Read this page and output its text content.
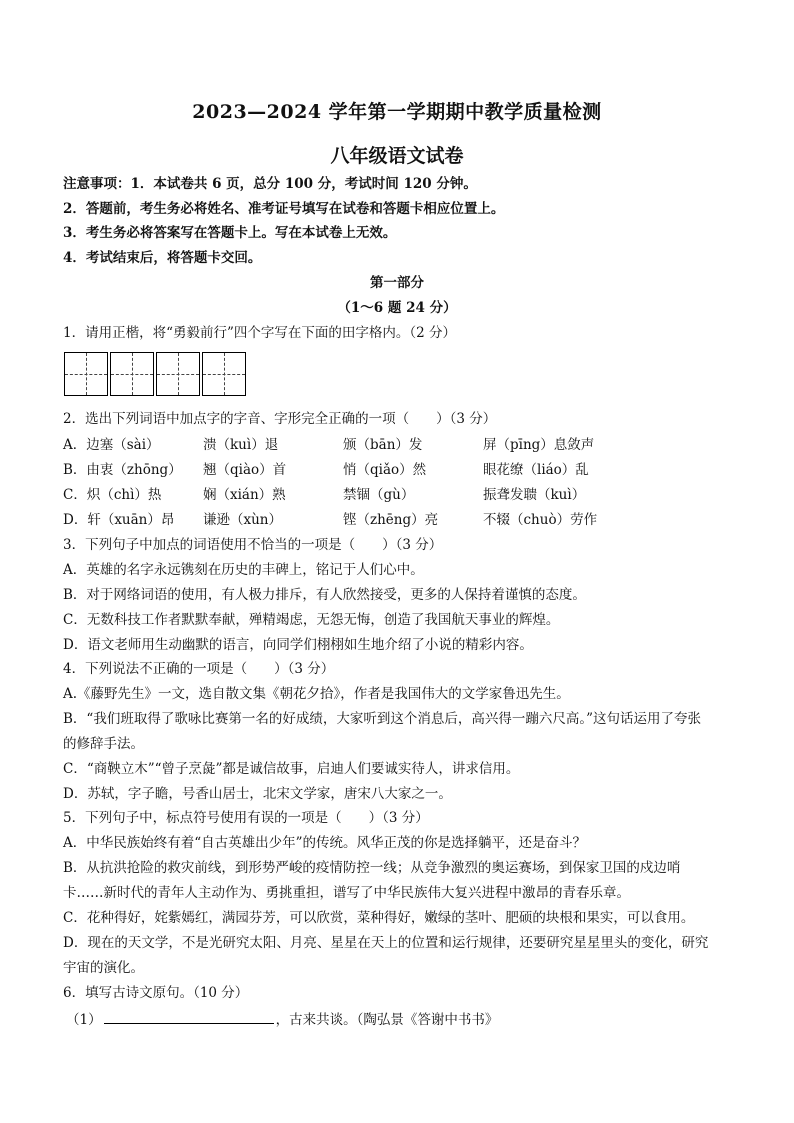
2023—2024 学年第一学期期中教学质量检测
八年级语文试卷
注意事项：1．本试卷共 6 页，总分 100 分，考试时间 120 分钟。
2．答题前，考生务必将姓名、准考证号填写在试卷和答题卡相应位置上。
3．考生务必将答案写在答题卡上。写在本试卷上无效。
4．考试结束后，将答题卡交回。
第一部分
（1～6 题 24 分）
1．请用正楷，将“勇毅前行”四个字写在下面的田字格内。（2 分）
2．选出下列词语中加点字的字音、字形完全正确的一项（　　）（3 分）
A．边塞（sài）	溃（kuì）退	颁（bān）发	屏（pīng）息敛声
B．由衷（zhōng） 翘（qiào）首	悄（qiǎo）然	眼花缭（liáo）乱
C．炽（chì）热	娴（xián）熟	禁锢（gù）	振聋发聩（kuì）
D．轩（xuān）昂 谦逊（xùn）	铿（zhēng）亮	不辍（chuò）劳作
3．下列句子中加点的词语使用不恰当的一项是（　　）（3 分）
A．英雄的名字永远镌刻在历史的丰碑上，铭记于人们心中。
B．对于网络词语的使用，有人极力排斥，有人欣然接受，更多的人保持着谨慎的态度。
C．无数科技工作者默默奉献，殚精竭虑，无怨无悔，创造了我国航天事业的辉煌。
D．语文老师用生动幽默的语言，向同学们栩栩如生地介绍了小说的精彩内容。
4．下列说法不正确的一项是（　　）（3 分）
A.《藤野先生》一文，选自散文集《朝花夕拾》，作者是我国伟大的文学家鲁迅先生。
B．“我们班取得了歌咏比赛第一名的好成绩，大家听到这个消息后，高兴得一蹦六尺高。”这句话运用了夸张
的修辞手法。
C．“商鞅立木”“曾子烹彘”都是诚信故事，启迪人们要诚实待人，讲求信用。
D．苏轼，字子瞻，号香山居士，北宋文学家，唐宋八大家之一。
5．下列句子中，标点符号使用有误的一项是（　　）（3 分）
A．中华民族始终有着“自古英雄出少年”的传统。风华正茂的你是选择躺平，还是奋斗？
B．从抗洪抢险的救灾前线，到形势严峻的疫情防控一线；从竞争激烈的奥运赛场，到保家卫国的戍边哨
卡……新时代的青年人主动作为、勇挑重担，谱写了中华民族伟大复兴进程中激昂的青春乐章。
C．花种得好，姹紫嫣红，满园芬芳，可以欣赏，菜种得好，嫩绿的茎叶、肥硕的块根和果实，可以食用。
D．现在的天文学，不是光研究太阳、月亮、星星在天上的位置和运行规律，还要研究星星里头的变化，研究
宇宙的演化。
6．填写古诗文原句。（10 分）
（1）	，古来共谈。（陶弘景《答谢中书书》
